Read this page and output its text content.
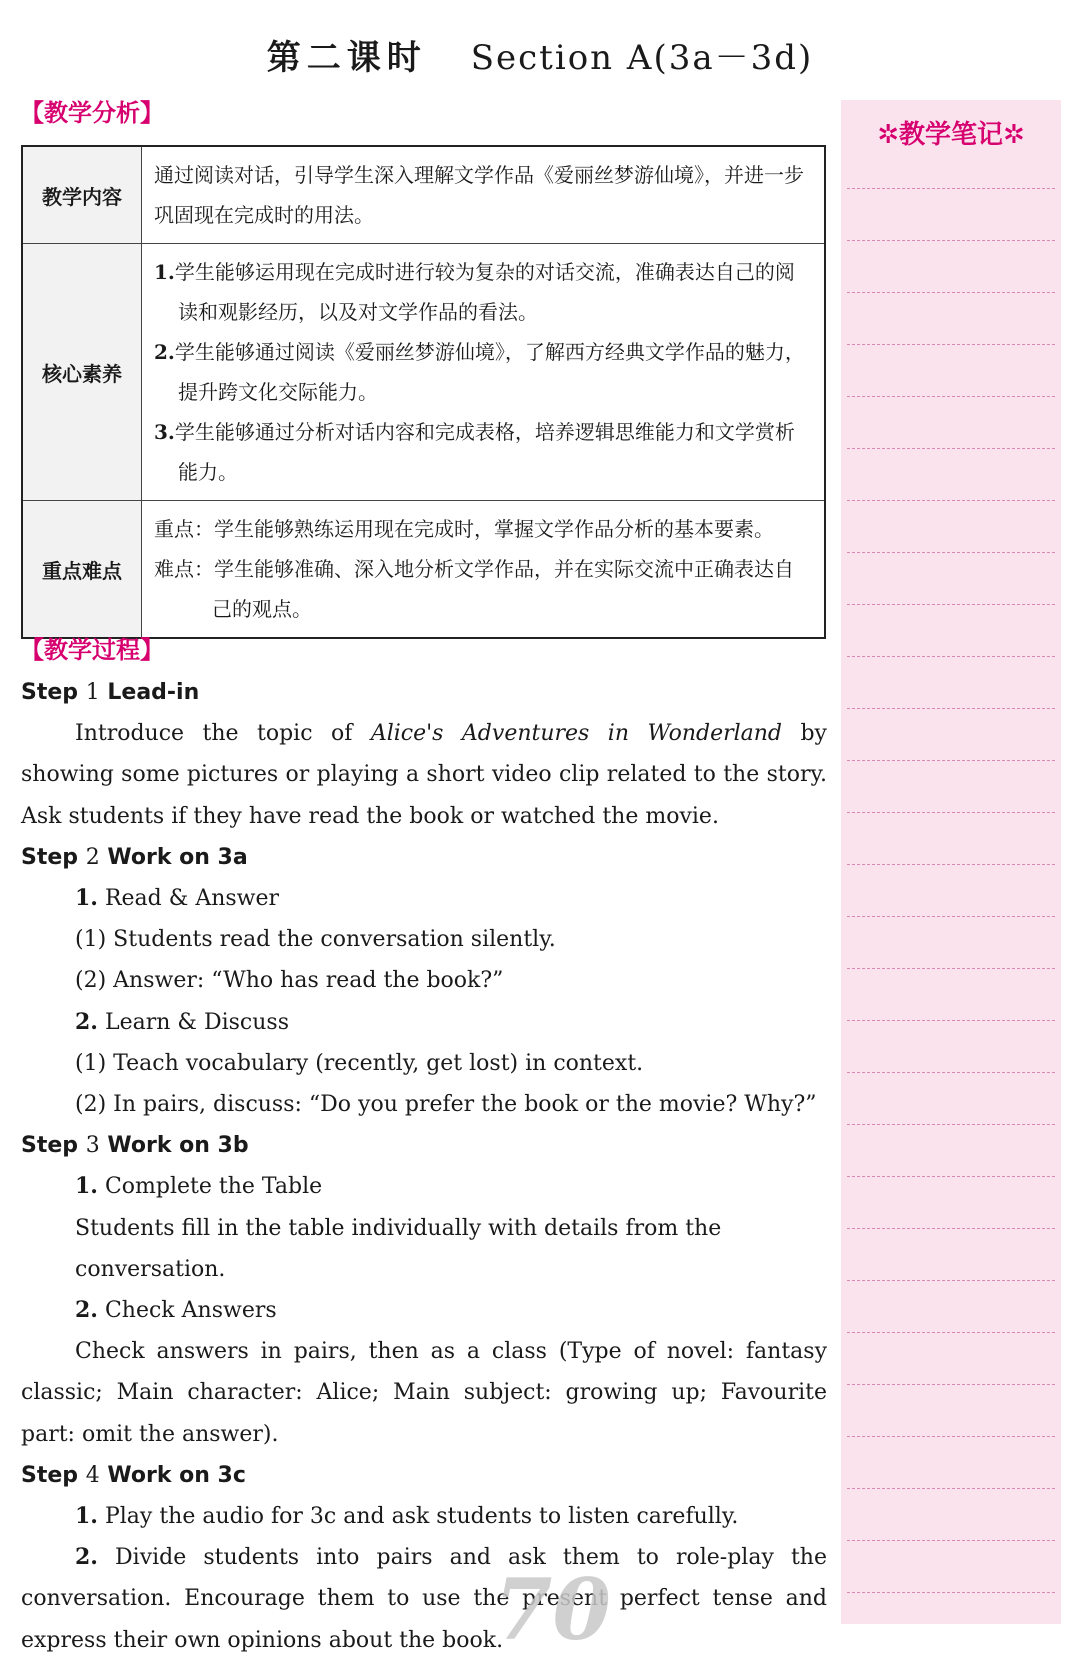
第二课时 Section A(3a－3d)
【教学分析】
教学内容	通过阅读对话，引导学生深入理解文学作品《爱丽丝梦游仙境》，并进一步巩固现在完成时的用法。
核心素养	1.学生能够运用现在完成时进行较为复杂的对话交流，准确表达自己的阅读和观影经历，以及对文学作品的看法。
2.学生能够通过阅读《爱丽丝梦游仙境》，了解西方经典文学作品的魅力，提升跨文化交际能力。
3.学生能够通过分析对话内容和完成表格，培养逻辑思维能力和文学赏析能力。

重点难点	重点：学生能够熟练运用现在完成时，掌握文学作品分析的基本要素。
难点：学生能够准确、深入地分析文学作品，并在实际交流中正确表达自己的观点。
【教学过程】

Step 1 Lead-in

Introduce the topic of Alice's Adventures in Wonderland by showing some pictures or playing a short video clip related to the story. Ask students if they have read the book or watched the movie.

Step 2 Work on 3a

1. Read & Answer

(1) Students read the conversation silently.

(2) Answer: “Who has read the book?”

2. Learn & Discuss

(1) Teach vocabulary (recently, get lost) in context.

(2) In pairs, discuss: “Do you prefer the book or the movie? Why?”

Step 3 Work on 3b

1. Complete the Table

Students fill in the table individually with details from the conversation.

2. Check Answers

Check answers in pairs, then as a class (Type of novel: fantasy classic; Main character: Alice; Main subject: growing up; Favourite part: omit the answer).

Step 4 Work on 3c

1. Play the audio for 3c and ask students to listen carefully.

2. Divide students into pairs and ask them to role-play the conversation. Encourage them to use the present perfect tense and express their own opinions about the book.

✲教学笔记✲
70
